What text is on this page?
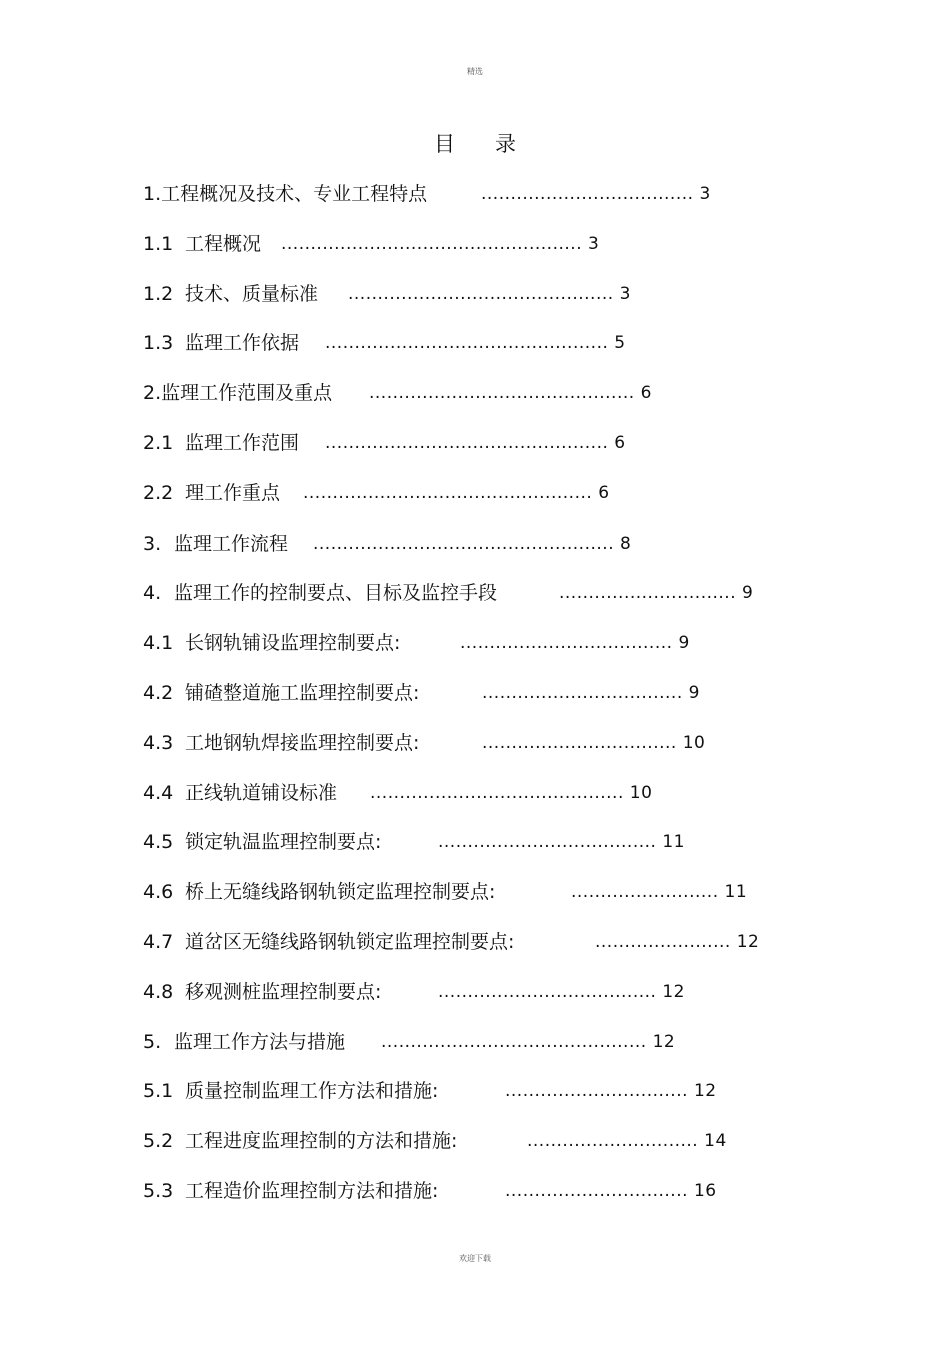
精选
目录
1.工程概况及技术、专业工程特点	.................................... 3
1.1 工程概况 ................................................... 3
1.2 技术、质量标准 ............................................. 3
1.3 监理工作依据 ................................................ 5
2.监理工作范围及重点 ............................................. 6
2.1 监理工作范围 ................................................ 6
2.2 理工作重点 ................................................. 6
3. 监理工作流程 ................................................... 8
4. 监理工作的控制要点、目标及监控手段	.............................. 9
4.1 长钢轨铺设监理控制要点:	.................................... 9
4.2 铺碴整道施工监理控制要点:	.................................. 9
4.3 工地钢轨焊接监理控制要点:	................................. 10
4.4 正线轨道铺设标准 ........................................... 10
4.5 锁定轨温监理控制要点:	..................................... 11
4.6 桥上无缝线路钢轨锁定监理控制要点:	......................... 11
4.7 道岔区无缝线路钢轨锁定监理控制要点:	....................... 12
4.8 移观测桩监理控制要点:	..................................... 12
5. 监理工作方法与措施 ............................................. 12
5.1 质量控制监理工作方法和措施:	............................... 12
5.2 工程进度监理控制的方法和措施:	............................. 14
5.3 工程造价监理控制方法和措施:	............................... 16
欢迎下载
